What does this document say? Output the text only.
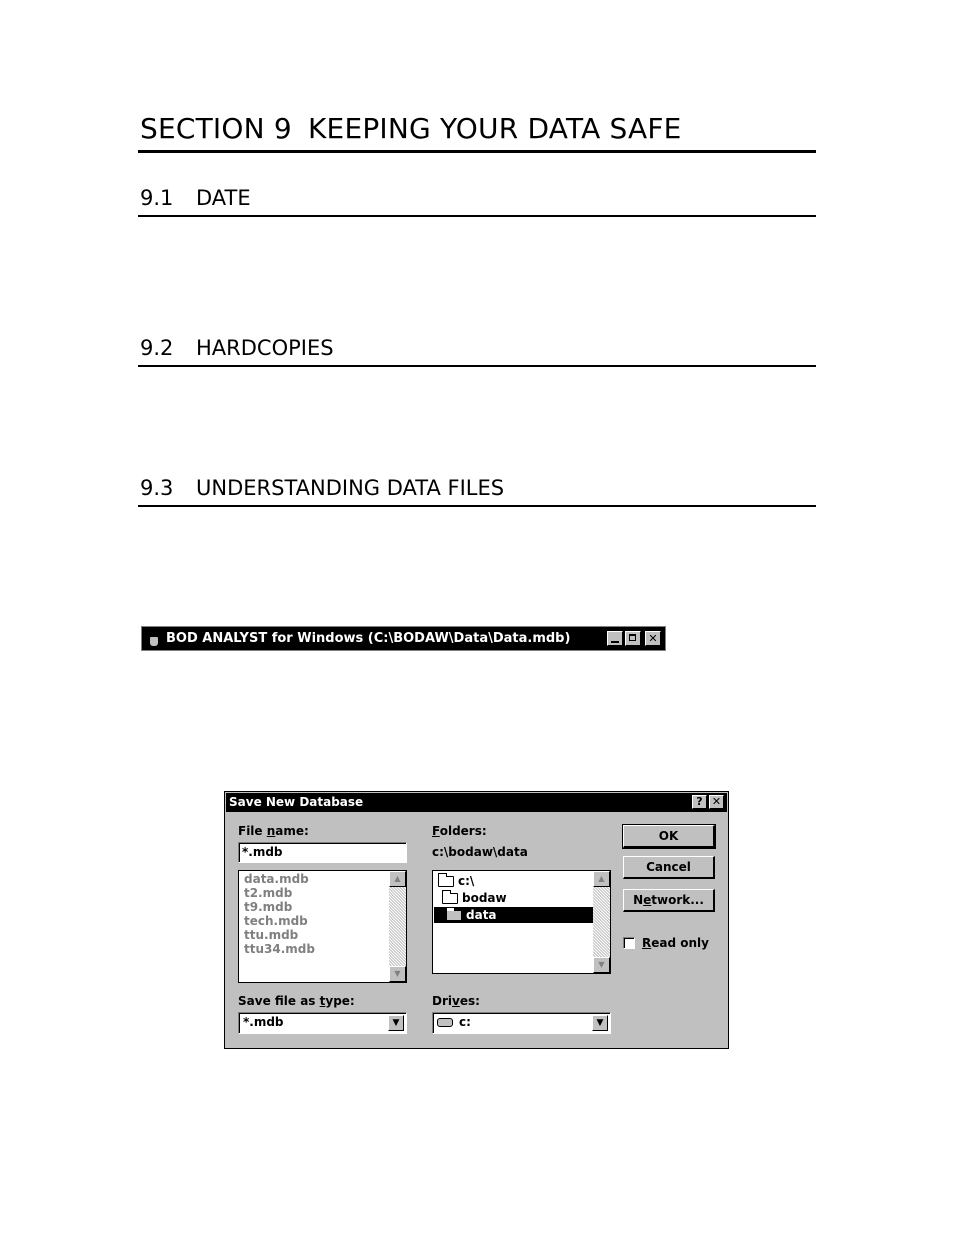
SECTION 9 KEEPING YOUR DATA SAFE
9.1 DATE
9.2 HARDCOPIES
9.3 UNDERSTANDING DATA FILES
BOD ANALYST for Windows (C:\BODAW\Data\Data.mdb)	✕
Save New Database	? ✕
File name:
*.mdb
data.mdb
t2.mdb
t9.mdb
tech.mdb
ttu.mdb
ttu34.mdb
▲
▼
Folders:
c:\bodaw\data
c:\
bodaw
data
▲
▼
Save file as type:
*.mdb	▼
Drives:
c:	▼
OK
Cancel
Network...
Read only
